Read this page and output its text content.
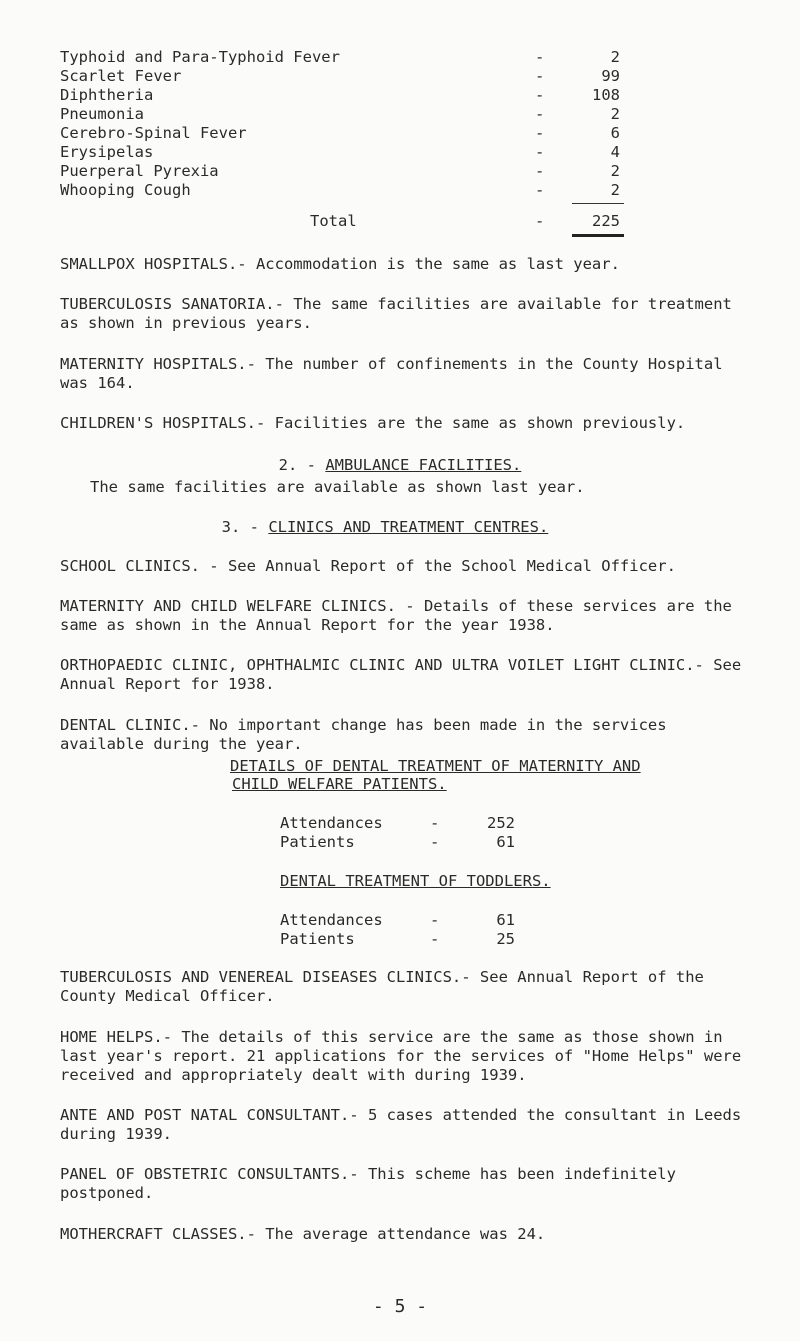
Typhoid and Para-Typhoid Fever	-	2
Scarlet Fever	-	99
Diphtheria	-	108
Pneumonia	-	2
Cerebro-Spinal Fever	-	6
Erysipelas	-	4
Puerperal Pyrexia	-	2
Whooping Cough	-	2
Total	-	225
SMALLPOX HOSPITALS.- Accommodation is the same as last year.
TUBERCULOSIS SANATORIA.- The same facilities are available for treatment as shown in previous years.
MATERNITY HOSPITALS.- The number of confinements in the County Hospital was 164.
CHILDREN'S HOSPITALS.- Facilities are the same as shown previously.
2. - AMBULANCE FACILITIES.
The same facilities are available as shown last year.
3. - CLINICS AND TREATMENT CENTRES.
SCHOOL CLINICS. - See Annual Report of the School Medical Officer.
MATERNITY AND CHILD WELFARE CLINICS. - Details of these services are the same as shown in the Annual Report for the year 1938.
ORTHOPAEDIC CLINIC, OPHTHALMIC CLINIC AND ULTRA VOILET LIGHT CLINIC.- See Annual Report for 1938.
DENTAL CLINIC.- No important change has been made in the services available during the year.
DETAILS OF DENTAL TREATMENT OF MATERNITY AND
CHILD WELFARE PATIENTS.
Attendances	-	252
Patients	-	61
DENTAL TREATMENT OF TODDLERS.
Attendances	-	61
Patients	-	25
TUBERCULOSIS AND VENEREAL DISEASES CLINICS.- See Annual Report of the County Medical Officer.
HOME HELPS.- The details of this service are the same as those shown in last year's report. 21 applications for the services of "Home Helps" were received and appropriately dealt with during 1939.
ANTE AND POST NATAL CONSULTANT.- 5 cases attended the consultant in Leeds during 1939.
PANEL OF OBSTETRIC CONSULTANTS.- This scheme has been indefinitely postponed.
MOTHERCRAFT CLASSES.- The average attendance was 24.
- 5 -
